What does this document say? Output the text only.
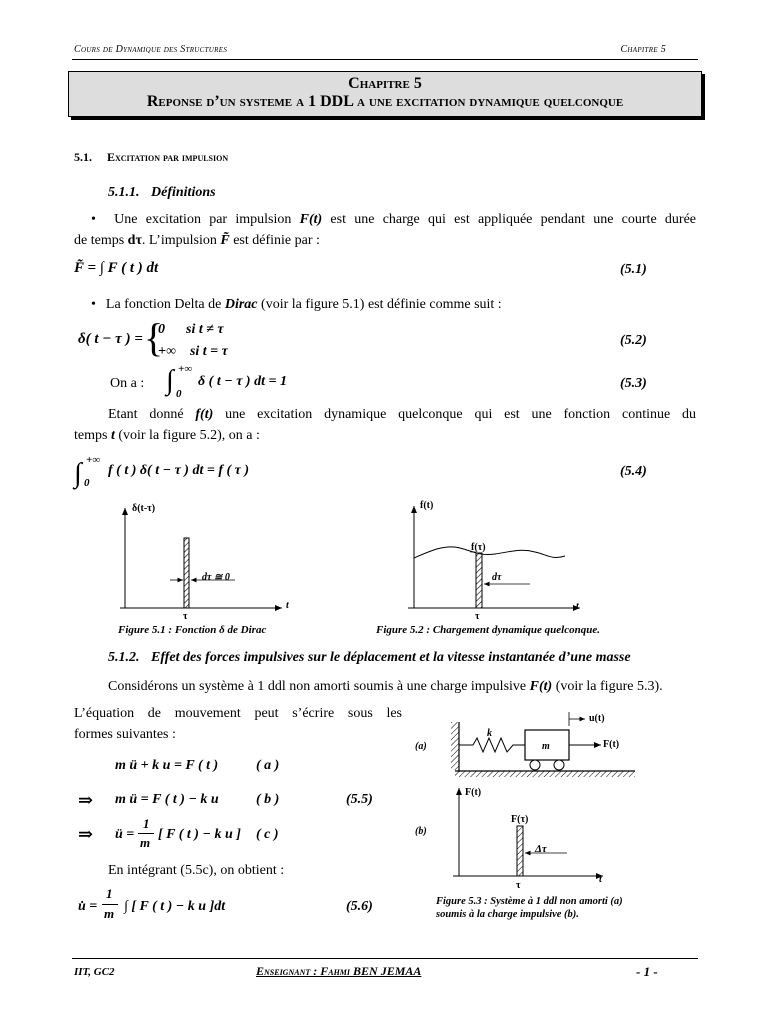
Cours de Dynamique des Structures	Chapitre 5
Chapitre 5
Reponse d’un systeme a 1 DDL a une excitation dynamique quelconque
5.1. Excitation par impulsion
5.1.1. Définitions
• Une excitation par impulsion F(t) est une charge qui est appliquée pendant une courte durée
de temps dτ. L’impulsion F̃ est définie par :
F̃ = ∫ F ( t ) dt	(5.1)
• La fonction Delta de Dirac (voir la figure 5.1) est définie comme suit :
δ( t − τ ) = {
0      si t ≠ τ
+∞    si t = τ
(5.2)
On a : ∫ +∞
0
δ ( t − τ ) dt = 1	(5.3)
Etant donné f(t) une excitation dynamique quelconque qui est une fonction continue du
temps t (voir la figure 5.2), on a :
∫ +∞
0
f ( t ) δ( t − τ ) dt = f ( τ )	(5.4)
δ(t-τ)
t
τ
dτ ≅ 0
Figure 5.1 : Fonction δ de Dirac
f(t)
t
τ
f(τ)
dτ
Figure 5.2 : Chargement dynamique quelconque.
5.1.2. Effet des forces impulsives sur le déplacement et la vitesse instantanée d’une masse
Considérons un système à 1 ddl non amorti soumis à une charge impulsive F(t) (voir la figure 5.3).
L’équation de mouvement peut s’écrire sous les
formes suivantes :
m ü + k u = F ( t )	( a )
⇒ m ü = F ( t ) − k u	( b )	(5.5)
⇒ ü =
1
m
[ F ( t ) − k u ] ( c )
En intégrant (5.5c), on obtient :
u̇ =
1
m ∫ [ F ( t ) − k u ]dt	(5.6)
(a)
u(t)
k
m	F(t)
(b)
F(t)
t
τ
F(τ)
Δτ
Figure 5.3 : Système à 1 ddl non amorti (a)
soumis à la charge impulsive (b).
IIT, GC2	Enseignant : Fahmi BEN JEMAA	- 1 -
